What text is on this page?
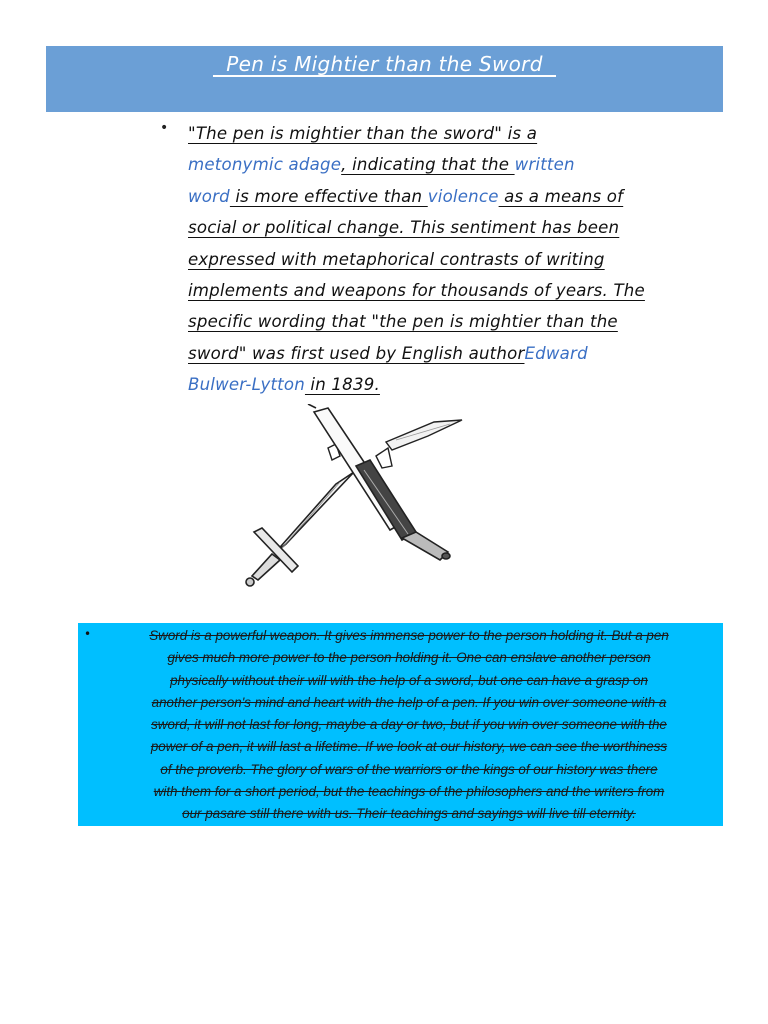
Pen is Mightier than the Sword
• "The pen is mightier than the sword" is a
metonymic adage, indicating that the written
word is more effective than violence as a means of
social or political change. This sentiment has been
expressed with metaphorical contrasts of writing
implements and weapons for thousands of years. The
specific wording that "the pen is mightier than the
sword" was first used by English authorEdward
Bulwer-Lytton in 1839.
•	Sword is a powerful weapon. It gives immense power to the person holding it. But a pen
gives much more power to the person holding it. One can enslave another person
physically without their will with the help of a sword, but one can have a grasp on
another person's mind and heart with the help of a pen. If you win over someone with a
sword, it will not last for long, maybe a day or two, but if you win over someone with the
power of a pen, it will last a lifetime. If we look at our history, we can see the worthiness
of the proverb. The glory of wars of the warriors or the kings of our history was there
with them for a short period, but the teachings of the philosophers and the writers from
our pasare still there with us. Their teachings and sayings will live till eternity.
